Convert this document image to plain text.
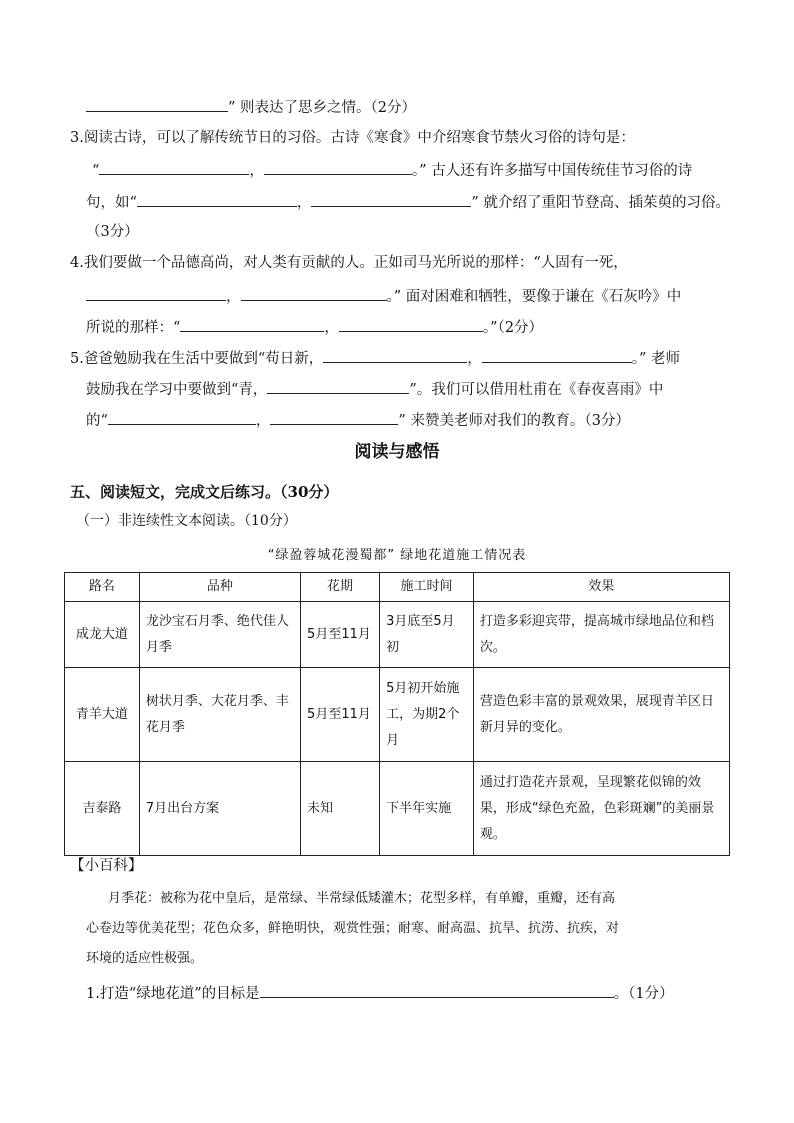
” 则表达了思乡之情。（2分）
3.阅读古诗，可以了解传统节日的习俗。古诗《寒食》中介绍寒食节禁火习俗的诗句是：
“	，	。” 古人还有许多描写中国传统佳节习俗的诗
句，如“	，	” 就介绍了重阳节登高、插茱萸的习俗。
（3分）
4.我们要做一个品德高尚，对人类有贡献的人。正如司马光所说的那样：“人固有一死，
，	。” 面对困难和牺牲，要像于谦在《石灰吟》中
所说的那样：“	，	。”（2分）
5.爸爸勉励我在生活中要做到“苟日新，	，	。” 老师
鼓励我在学习中要做到“青，	”。我们可以借用杜甫在《春夜喜雨》中
的“	，	” 来赞美老师对我们的教育。（3分）
阅读与感悟
五、阅读短文，完成文后练习。（30分）
（一）非连续性文本阅读。（10分）
“绿盈蓉城花漫蜀都” 绿地花道施工情况表
路名	品种	花期	施工时间	效果
成龙大道	龙沙宝石月季、绝代佳人月季	5月至11月	3月底至5月初	打造多彩迎宾带，提高城市绿地品位和档次。
青羊大道	树状月季、大花月季、丰花月季	5月至11月	5月初开始施工，为期2个月	营造色彩丰富的景观效果，展现青羊区日新月异的变化。
吉泰路	7月出台方案	未知	下半年实施	通过打造花卉景观，呈现繁花似锦的效果，形成“绿色充盈，色彩斑斓”的美丽景观。
【小百科】
月季花：被称为花中皇后，是常绿、半常绿低矮灌木；花型多样，有单瓣，重瓣，还有高
心卷边等优美花型；花色众多，鲜艳明快，观赏性强；耐寒、耐高温、抗旱、抗涝、抗疾，对
环境的适应性极强。
1.打造“绿地花道”的目标是	。（1分）
